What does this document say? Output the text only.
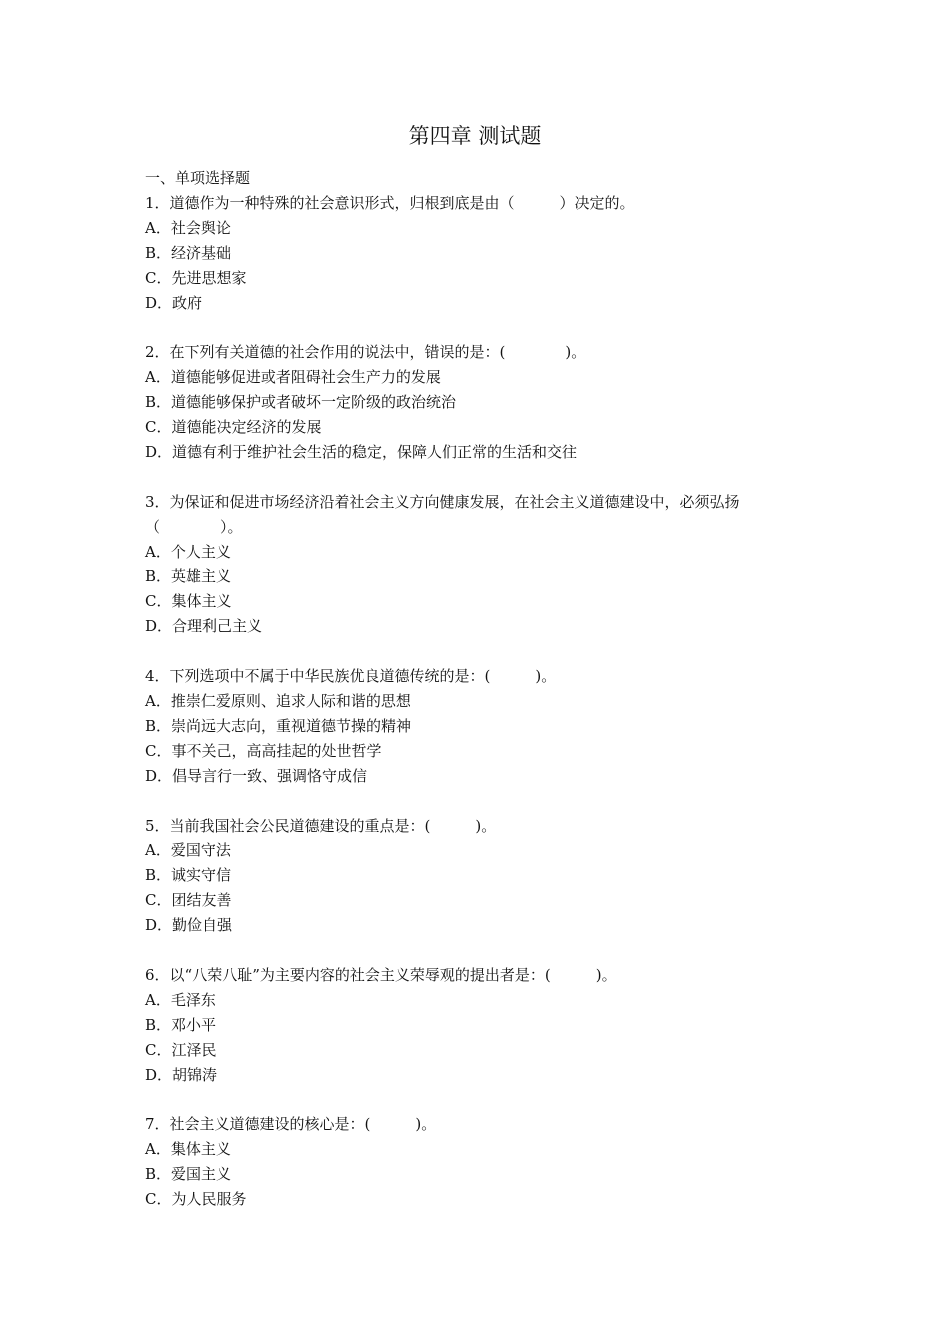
第四章 测试题
一、单项选择题
1．道德作为一种特殊的社会意识形式，归根到底是由（　　　）决定的。
A．社会舆论
B．经济基础
C．先进思想家
D．政府
2．在下列有关道德的社会作用的说法中，错误的是：(　　　　)。
A．道德能够促进或者阻碍社会生产力的发展
B．道德能够保护或者破坏一定阶级的政治统治
C．道德能决定经济的发展
D．道德有利于维护社会生活的稳定，保障人们正常的生活和交往
3．为保证和促进市场经济沿着社会主义方向健康发展，在社会主义道德建设中，必须弘扬（　　　　）。
A．个人主义
B．英雄主义
C．集体主义
D．合理利己主义
4．下列选项中不属于中华民族优良道德传统的是：(　　　)。
A．推崇仁爱原则、追求人际和谐的思想
B．崇尚远大志向，重视道德节操的精神
C．事不关己，高高挂起的处世哲学
D．倡导言行一致、强调恪守成信
5．当前我国社会公民道德建设的重点是：(　　　)。
A．爱国守法
B．诚实守信
C．团结友善
D．勤俭自强
6．以“八荣八耻”为主要内容的社会主义荣辱观的提出者是：(　　　)。
A．毛泽东
B．邓小平
C．江泽民
D．胡锦涛
7．社会主义道德建设的核心是：(　　　)。
A．集体主义
B．爱国主义
C．为人民服务
